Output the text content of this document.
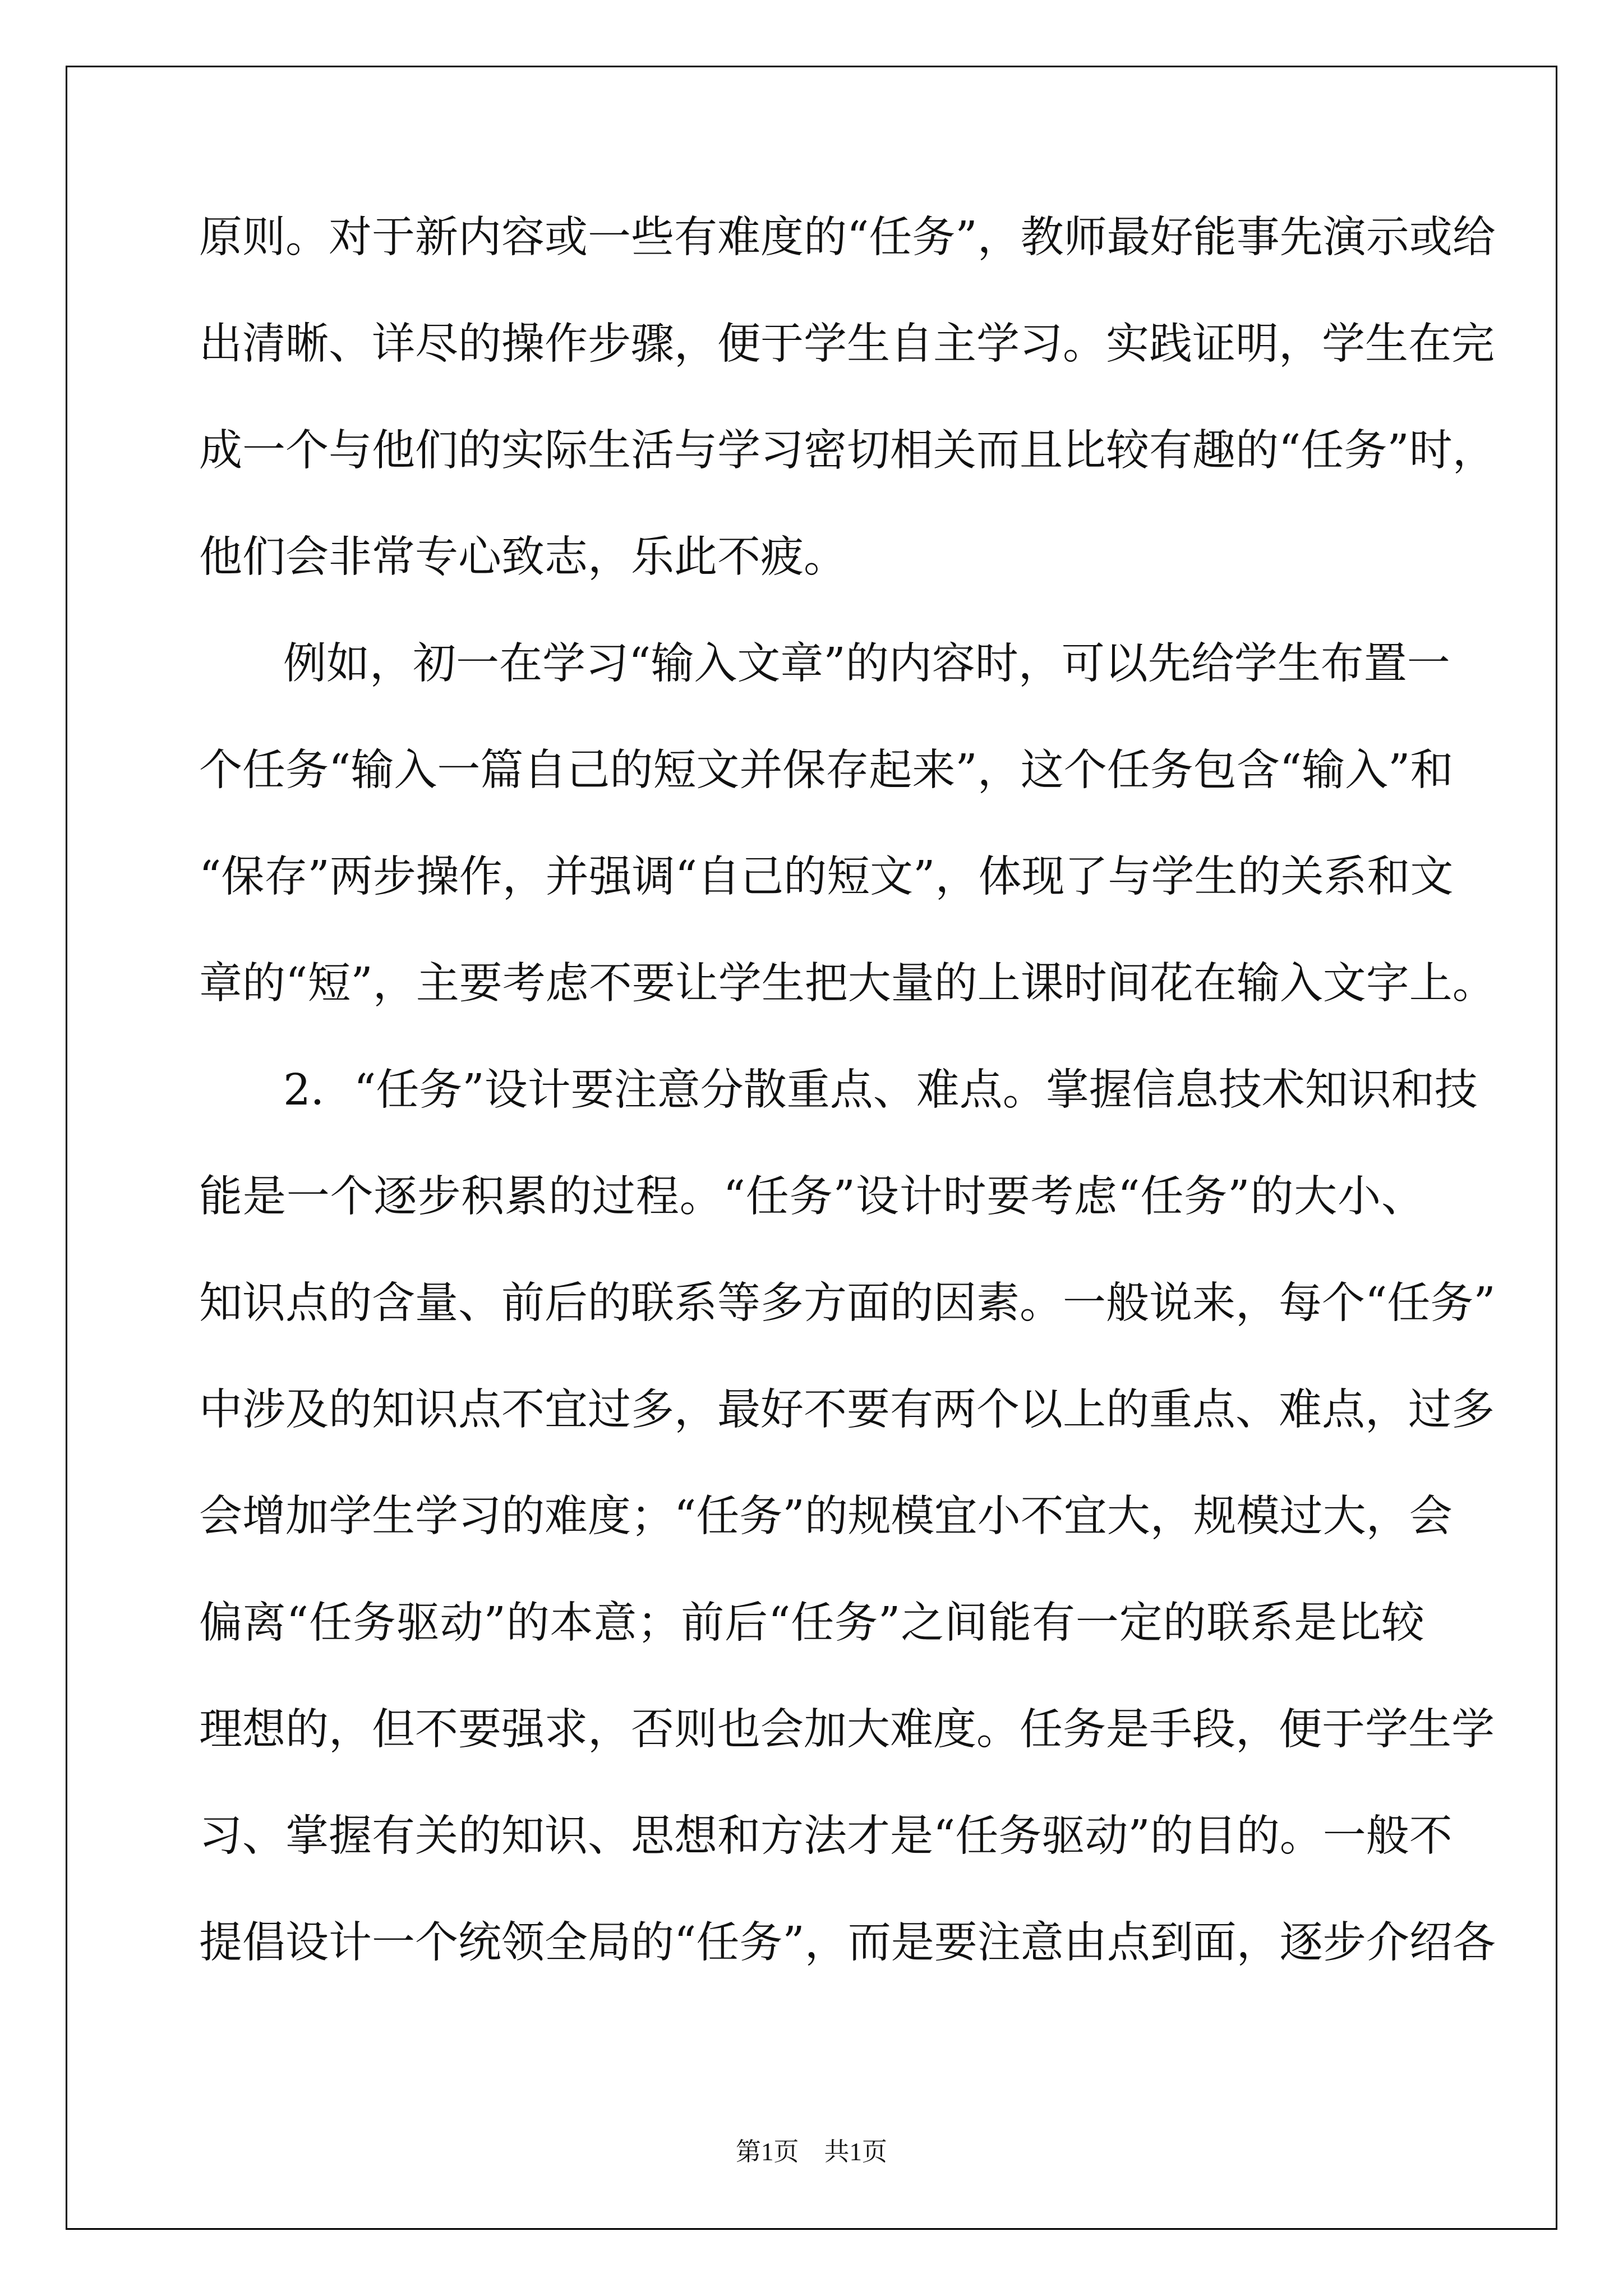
原则。对于新内容或一些有难度的“任务”，教师最好能事先演示或给
出清晰、详尽的操作步骤，便于学生自主学习。实践证明，学生在完
成一个与他们的实际生活与学习密切相关而且比较有趣的“任务”时，
他们会非常专心致志，乐此不疲。
例如，初一在学习“输入文章”的内容时，可以先给学生布置一
个任务“输入一篇自己的短文并保存起来”，这个任务包含“输入”和
“保存”两步操作，并强调“自己的短文”，体现了与学生的关系和文
章的“短”，主要考虑不要让学生把大量的上课时间花在输入文字上。
2．“任务”设计要注意分散重点、难点。掌握信息技术知识和技
能是一个逐步积累的过程。“任务”设计时要考虑“任务”的大小、
知识点的含量、前后的联系等多方面的因素。一般说来，每个“任务”
中涉及的知识点不宜过多，最好不要有两个以上的重点、难点，过多
会增加学生学习的难度；“任务”的规模宜小不宜大，规模过大，会
偏离“任务驱动”的本意；前后“任务”之间能有一定的联系是比较
理想的，但不要强求，否则也会加大难度。任务是手段，便于学生学
习、掌握有关的知识、思想和方法才是“任务驱动”的目的。一般不
提倡设计一个统领全局的“任务”，而是要注意由点到面，逐步介绍各
第1页 共1页
